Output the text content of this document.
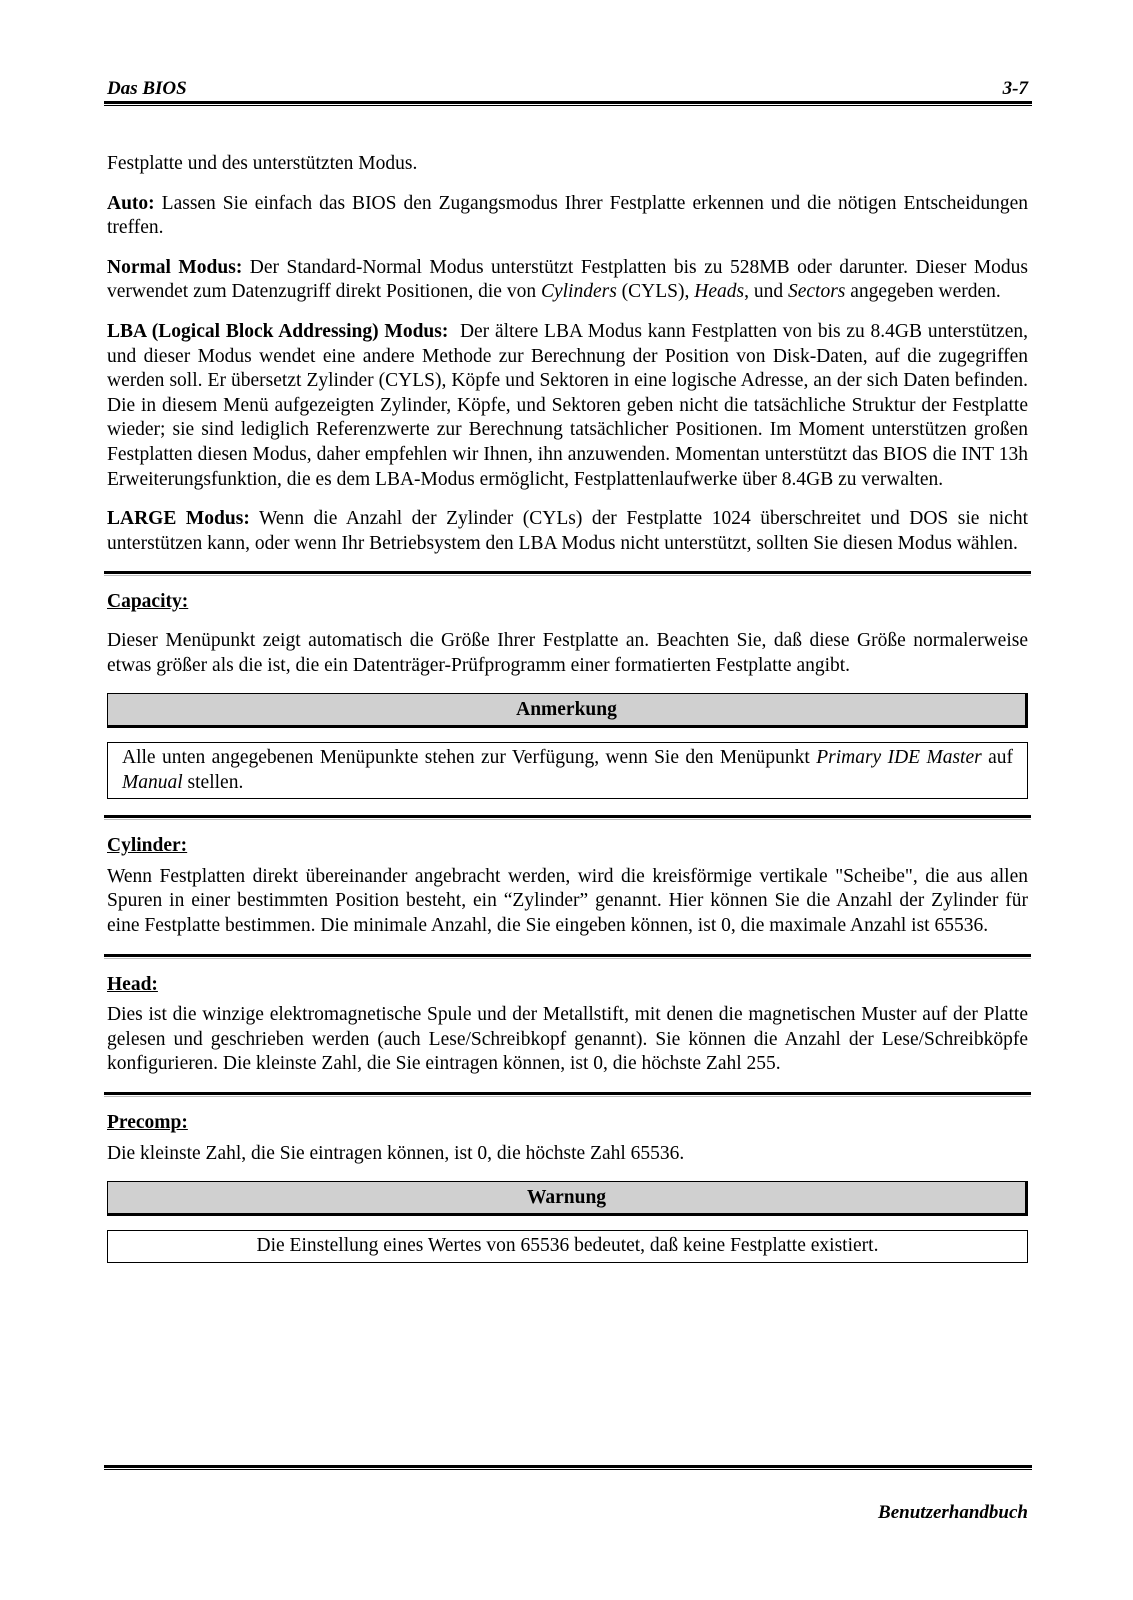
Das BIOS	3-7

Festplatte und des unterstützten Modus.

Auto: Lassen Sie einfach das BIOS den Zugangsmodus Ihrer Festplatte erkennen und die nötigen Entscheidungen treffen.

Normal Modus: Der Standard-Normal Modus unterstützt Festplatten bis zu 528MB oder darunter. Dieser Modus verwendet zum Datenzugriff direkt Positionen, die von Cylinders (CYLS), Heads, und Sectors angegeben werden.

LBA (Logical Block Addressing) Modus:  Der ältere LBA Modus kann Festplatten von bis zu 8.4GB unterstützen, und dieser Modus wendet eine andere Methode zur Berechnung der Position von Disk-Daten, auf die zugegriffen werden soll. Er übersetzt Zylinder (CYLS), Köpfe und Sektoren in eine logische Adresse, an der sich Daten befinden. Die in diesem Menü aufgezeigten Zylinder, Köpfe, und Sektoren geben nicht die tatsächliche Struktur der Festplatte wieder; sie sind lediglich Referenzwerte zur Berechnung tatsächlicher Positionen. Im Moment unterstützen großen Festplatten diesen Modus, daher empfehlen wir Ihnen, ihn anzuwenden. Momentan unterstützt das BIOS die INT 13h Erweiterungsfunktion, die es dem LBA-Modus ermöglicht, Festplattenlaufwerke über 8.4GB zu verwalten.

LARGE Modus: Wenn die Anzahl der Zylinder (CYLs) der Festplatte 1024 überschreitet und DOS sie nicht unterstützen kann, oder wenn Ihr Betriebsystem den LBA Modus nicht unterstützt, sollten Sie diesen Modus wählen.

Capacity:

Dieser Menüpunkt zeigt automatisch die Größe Ihrer Festplatte an. Beachten Sie, daß diese Größe normalerweise etwas größer als die ist, die ein Datenträger-Prüfprogramm einer formatierten Festplatte angibt.

Anmerkung
Alle unten angegebenen Menüpunkte stehen zur Verfügung, wenn Sie den Menüpunkt Primary IDE Master auf Manual stellen.
Cylinder:

Wenn Festplatten direkt übereinander angebracht werden, wird die kreisförmige vertikale "Scheibe", die aus allen Spuren in einer bestimmten Position besteht, ein “Zylinder” genannt. Hier können Sie die Anzahl der Zylinder für eine Festplatte bestimmen. Die minimale Anzahl, die Sie eingeben können, ist 0, die maximale Anzahl ist 65536.

Head:

Dies ist die winzige elektromagnetische Spule und der Metallstift, mit denen die magnetischen Muster auf der Platte gelesen und geschrieben werden (auch Lese/Schreibkopf genannt). Sie können die Anzahl der Lese/Schreibköpfe konfigurieren. Die kleinste Zahl, die Sie eintragen können, ist 0, die höchste Zahl 255.

Precomp:

Die kleinste Zahl, die Sie eintragen können, ist 0, die höchste Zahl 65536.

Warnung
Die Einstellung eines Wertes von 65536 bedeutet, daß keine Festplatte existiert.
Benutzerhandbuch
